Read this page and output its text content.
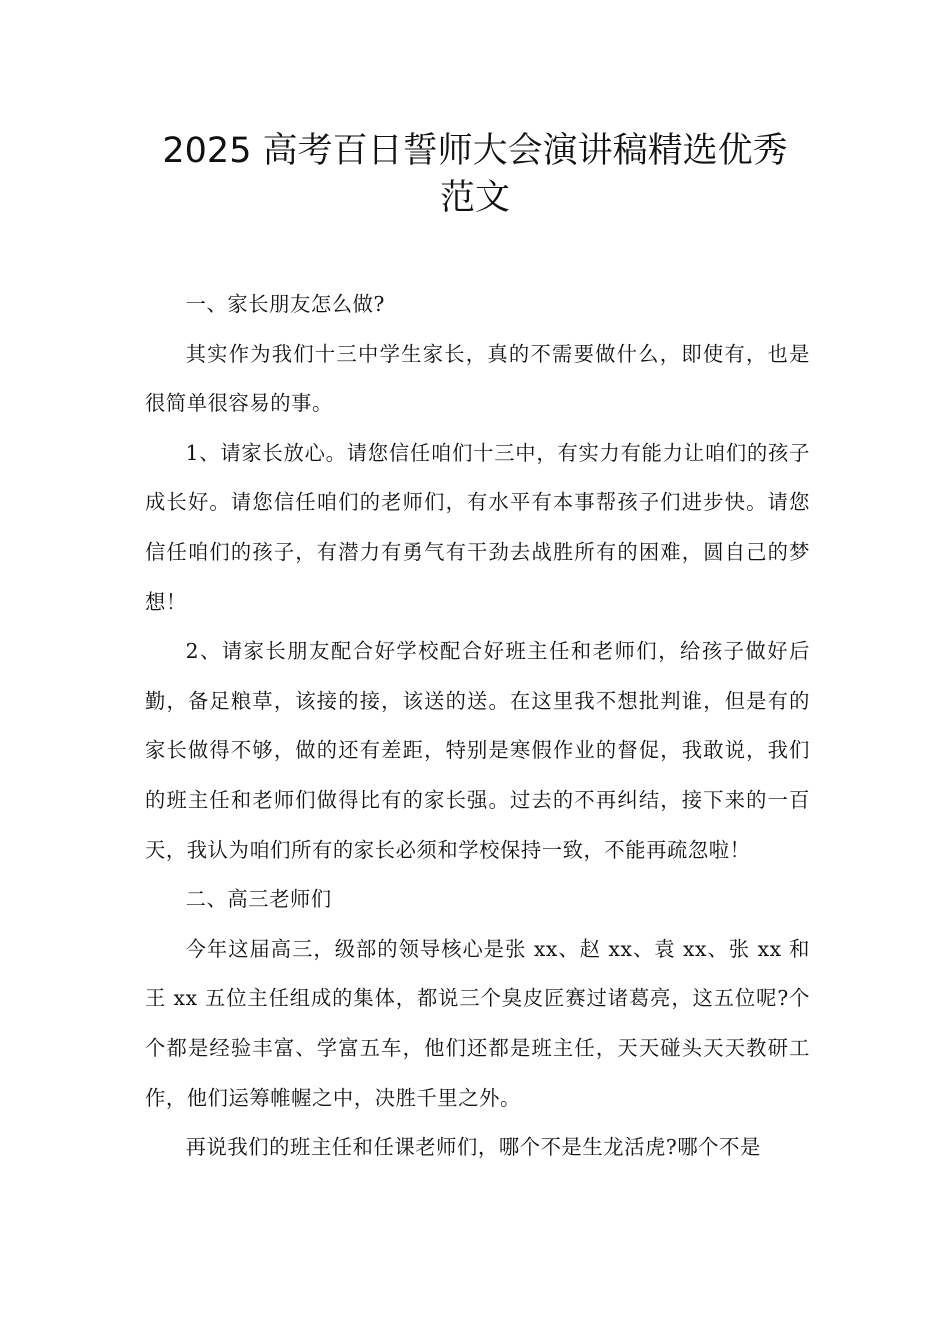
2025 高考百日誓师大会演讲稿精选优秀
范文

一、家长朋友怎么做?

其实作为我们十三中学生家长，真的不需要做什么，即使有，也是很简单很容易的事。

1、请家长放心。请您信任咱们十三中，有实力有能力让咱们的孩子成长好。请您信任咱们的老师们，有水平有本事帮孩子们进步快。请您信任咱们的孩子，有潜力有勇气有干劲去战胜所有的困难，圆自己的梦想！

2、请家长朋友配合好学校配合好班主任和老师们，给孩子做好后勤，备足粮草，该接的接，该送的送。在这里我不想批判谁，但是有的家长做得不够，做的还有差距，特别是寒假作业的督促，我敢说，我们的班主任和老师们做得比有的家长强。过去的不再纠结，接下来的一百天，我认为咱们所有的家长必须和学校保持一致，不能再疏忽啦！

二、高三老师们

今年这届高三，级部的领导核心是张 xx、赵 xx、袁 xx、张 xx 和王 xx 五位主任组成的集体，都说三个臭皮匠赛过诸葛亮，这五位呢?个个都是经验丰富、学富五车，他们还都是班主任，天天碰头天天教研工作，他们运筹帷幄之中，决胜千里之外。

再说我们的班主任和任课老师们，哪个不是生龙活虎?哪个不是
